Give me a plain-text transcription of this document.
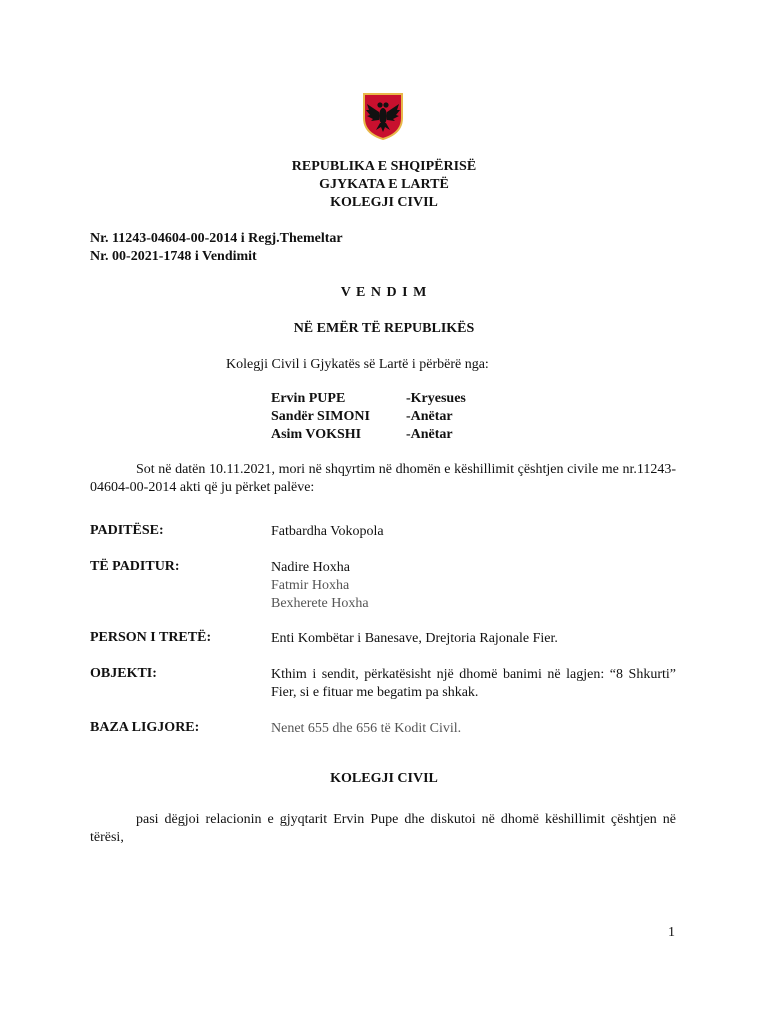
REPUBLIKA E SHQIPËRISË
GJYKATA E LARTË
KOLEGJI CIVIL
Nr. 11243-04604-00-2014 i Regj.Themeltar
Nr. 00-2021-1748 i Vendimit
V E N D I M
NË EMËR TË REPUBLIKËS
Kolegji Civil i Gjykatës së Lartë i përbërë nga:
Ervin PUPE	-Kryesues
Sandër SIMONI	-Anëtar
Asim VOKSHI	-Anëtar
Sot në datën 10.11.2021, mori në shqyrtim në dhomën e këshillimit çështjen civile me nr.11243-04604-00-2014 akti që ju përket palëve:
PADITËSE:	Fatbardha Vokopola
TË PADITUR:	Nadire Hoxha
Fatmir Hoxha
Bexherete Hoxha
PERSON I TRETË:	Enti Kombëtar i Banesave, Drejtoria Rajonale Fier.
OBJEKTI:	Kthim i sendit, përkatësisht një dhomë banimi në lagjen: “8 Shkurti” Fier, si e fituar me begatim pa shkak.
BAZA LIGJORE:	Nenet 655 dhe 656 të Kodit Civil.
KOLEGJI CIVIL
pasi dëgjoi relacionin e gjyqtarit Ervin Pupe dhe diskutoi në dhomë këshillimit çështjen në tërësi,
1
